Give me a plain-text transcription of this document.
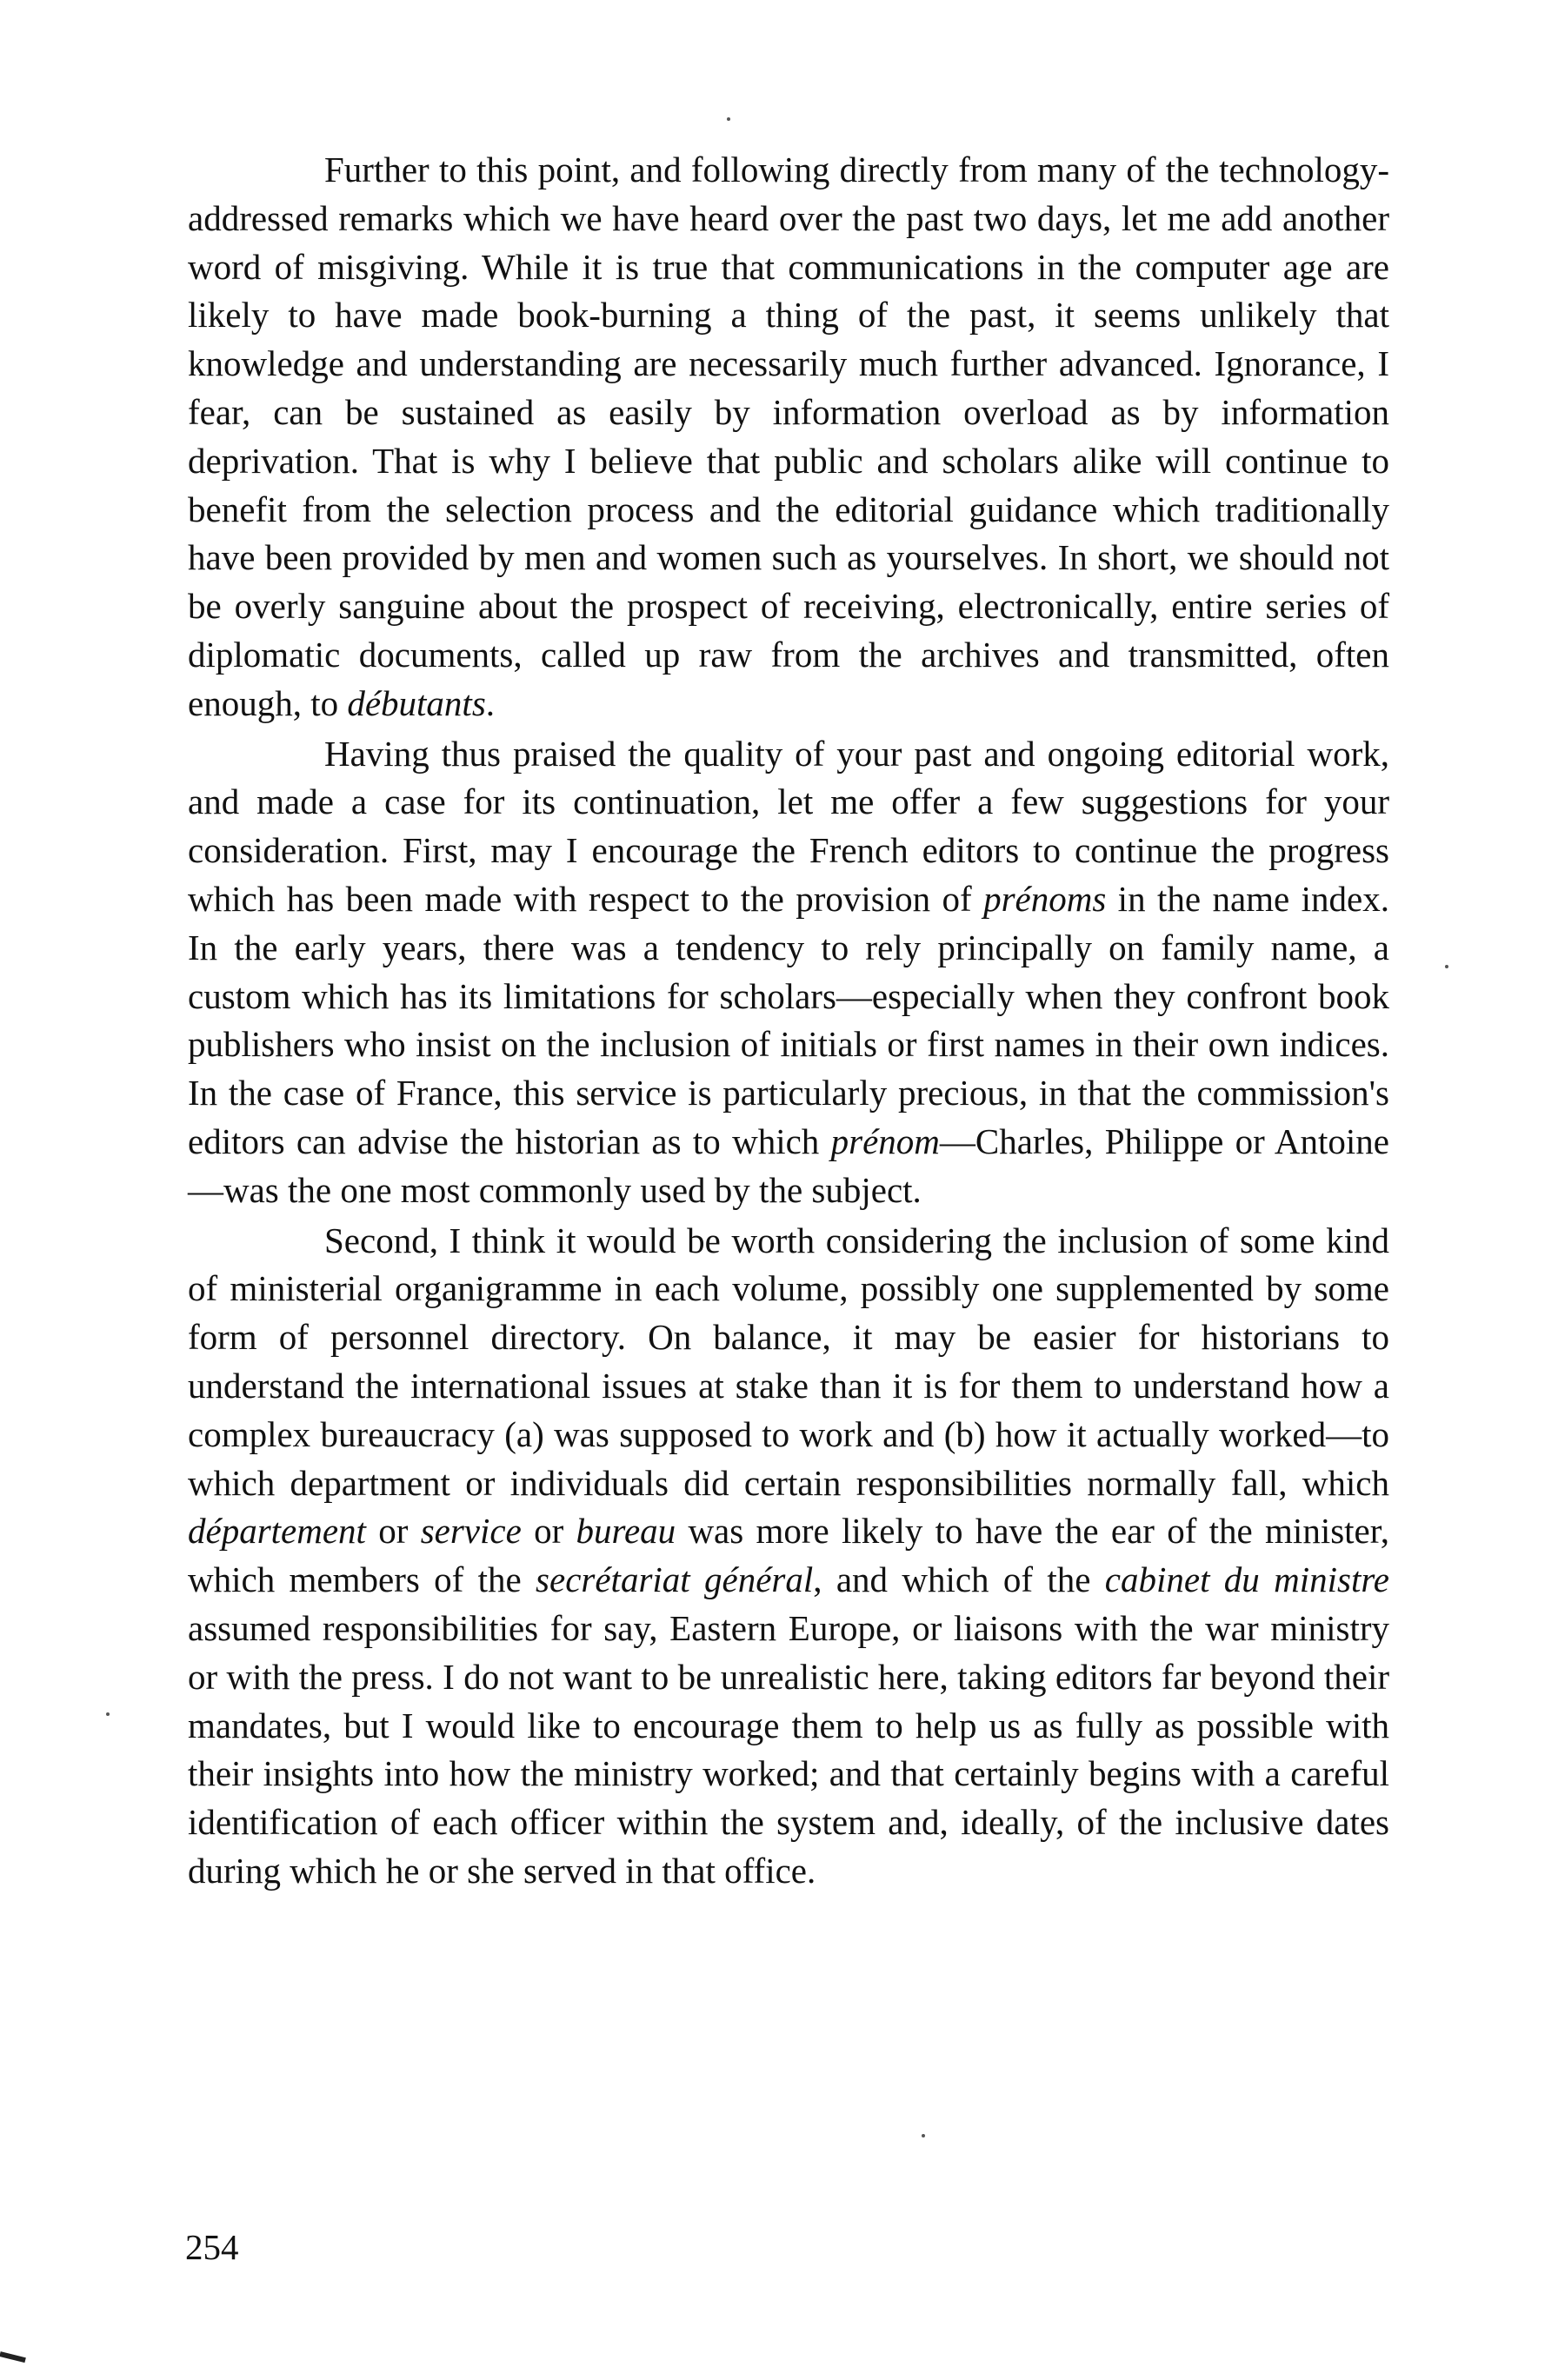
Further to this point, and following directly from many of the technology-addressed remarks which we have heard over the past two days, let me add another word of misgiving. While it is true that communications in the computer age are likely to have made book-burning a thing of the past, it seems unlikely that knowledge and understanding are necessarily much further advanced. Ignorance, I fear, can be sustained as easily by information overload as by information deprivation. That is why I believe that public and scholars alike will continue to benefit from the selection process and the editorial guidance which traditionally have been provided by men and women such as yourselves. In short, we should not be overly sanguine about the prospect of receiving, electronically, entire series of diplomatic documents, called up raw from the archives and transmitted, often enough, to débutants.

Having thus praised the quality of your past and ongoing editorial work, and made a case for its continuation, let me offer a few suggestions for your consideration. First, may I encourage the French editors to continue the progress which has been made with respect to the provision of prénoms in the name index. In the early years, there was a tendency to rely principally on family name, a custom which has its limitations for scholars—especially when they confront book publishers who insist on the inclusion of initials or first names in their own indices. In the case of France, this service is particularly precious, in that the commission's editors can advise the historian as to which prénom—Charles, Philippe or Antoine—was the one most commonly used by the subject.

Second, I think it would be worth considering the inclusion of some kind of ministerial organigramme in each volume, possibly one supplemented by some form of personnel directory. On balance, it may be easier for historians to understand the international issues at stake than it is for them to understand how a complex bureaucracy (a) was supposed to work and (b) how it actually worked—to which department or individuals did certain responsibilities normally fall, which département or service or bureau was more likely to have the ear of the minister, which members of the secrétariat général, and which of the cabinet du ministre assumed responsibilities for say, Eastern Europe, or liaisons with the war ministry or with the press. I do not want to be unrealistic here, taking editors far beyond their mandates, but I would like to encourage them to help us as fully as possible with their insights into how the ministry worked; and that certainly begins with a careful identification of each officer within the system and, ideally, of the inclusive dates during which he or she served in that office.

254
